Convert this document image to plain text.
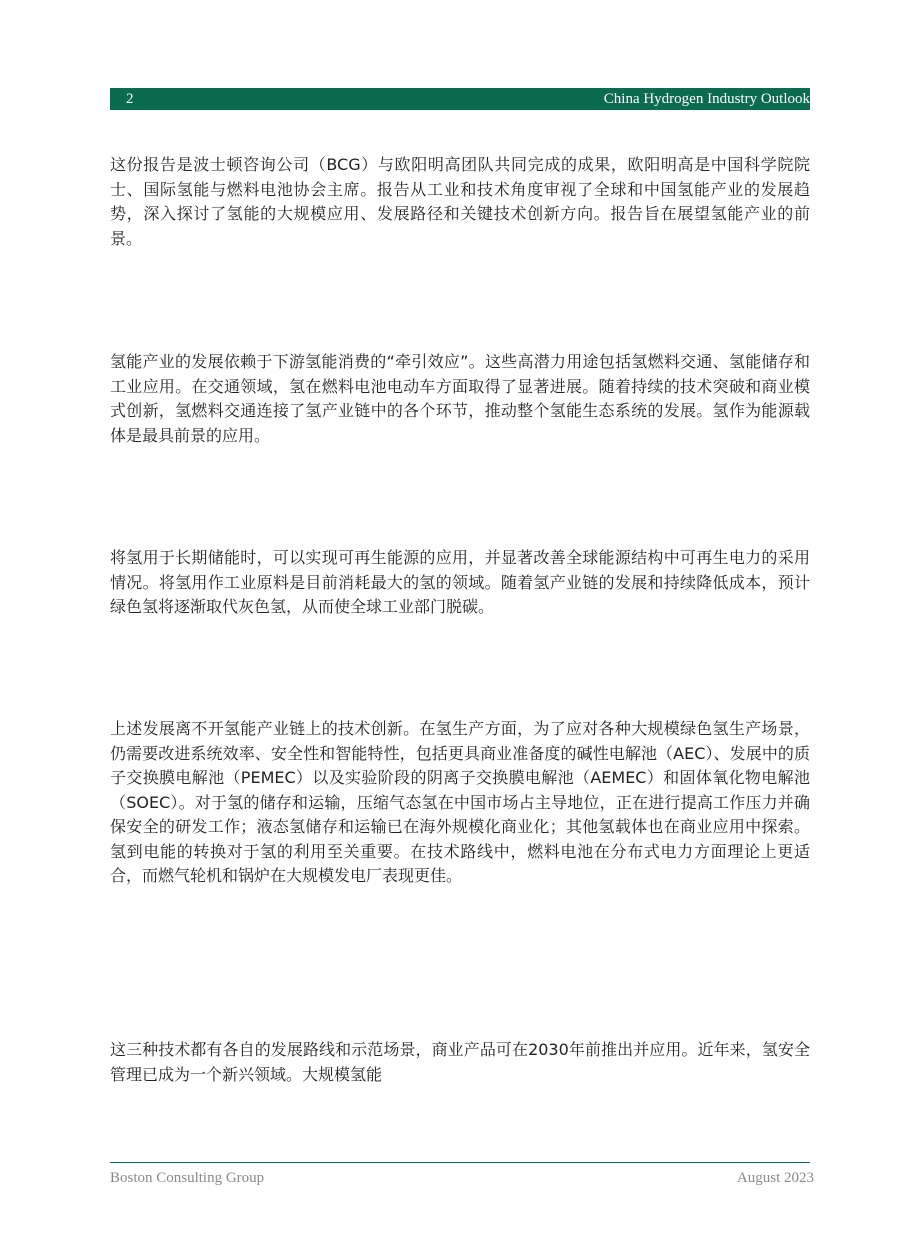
2	China Hydrogen Industry Outlook

这份报告是波士顿咨询公司（BCG）与欧阳明高团队共同完成的成果，欧阳明高是中国科学院院士、国际氢能与燃料电池协会主席。报告从工业和技术角度审视了全球和中国氢能产业的发展趋势，深入探讨了氢能的大规模应用、发展路径和关键技术创新方向。报告旨在展望氢能产业的前景。

氢能产业的发展依赖于下游氢能消费的“牵引效应”。这些高潜力用途包括氢燃料交通、氢能储存和工业应用。在交通领域，氢在燃料电池电动车方面取得了显著进展。随着持续的技术突破和商业模式创新，氢燃料交通连接了氢产业链中的各个环节，推动整个氢能生态系统的发展。氢作为能源载体是最具前景的应用。

将氢用于长期储能时，可以实现可再生能源的应用，并显著改善全球能源结构中可再生电力的采用情况。将氢用作工业原料是目前消耗最大的氢的领域。随着氢产业链的发展和持续降低成本，预计绿色氢将逐渐取代灰色氢，从而使全球工业部门脱碳。

上述发展离不开氢能产业链上的技术创新。在氢生产方面，为了应对各种大规模绿色氢生产场景，仍需要改进系统效率、安全性和智能特性，包括更具商业准备度的碱性电解池（AEC）、发展中的质子交换膜电解池（PEMEC）以及实验阶段的阴离子交换膜电解池（AEMEC）和固体氧化物电解池（SOEC）。对于氢的储存和运输，压缩气态氢在中国市场占主导地位，正在进行提高工作压力并确保安全的研发工作；液态氢储存和运输已在海外规模化商业化；其他氢载体也在商业应用中探索。氢到电能的转换对于氢的利用至关重要。在技术路线中，燃料电池在分布式电力方面理论上更适合，而燃气轮机和锅炉在大规模发电厂表现更佳。

这三种技术都有各自的发展路线和示范场景，商业产品可在2030年前推出并应用。近年来，氢安全管理已成为一个新兴领域。大规模氢能

Boston Consulting Group	August 2023
